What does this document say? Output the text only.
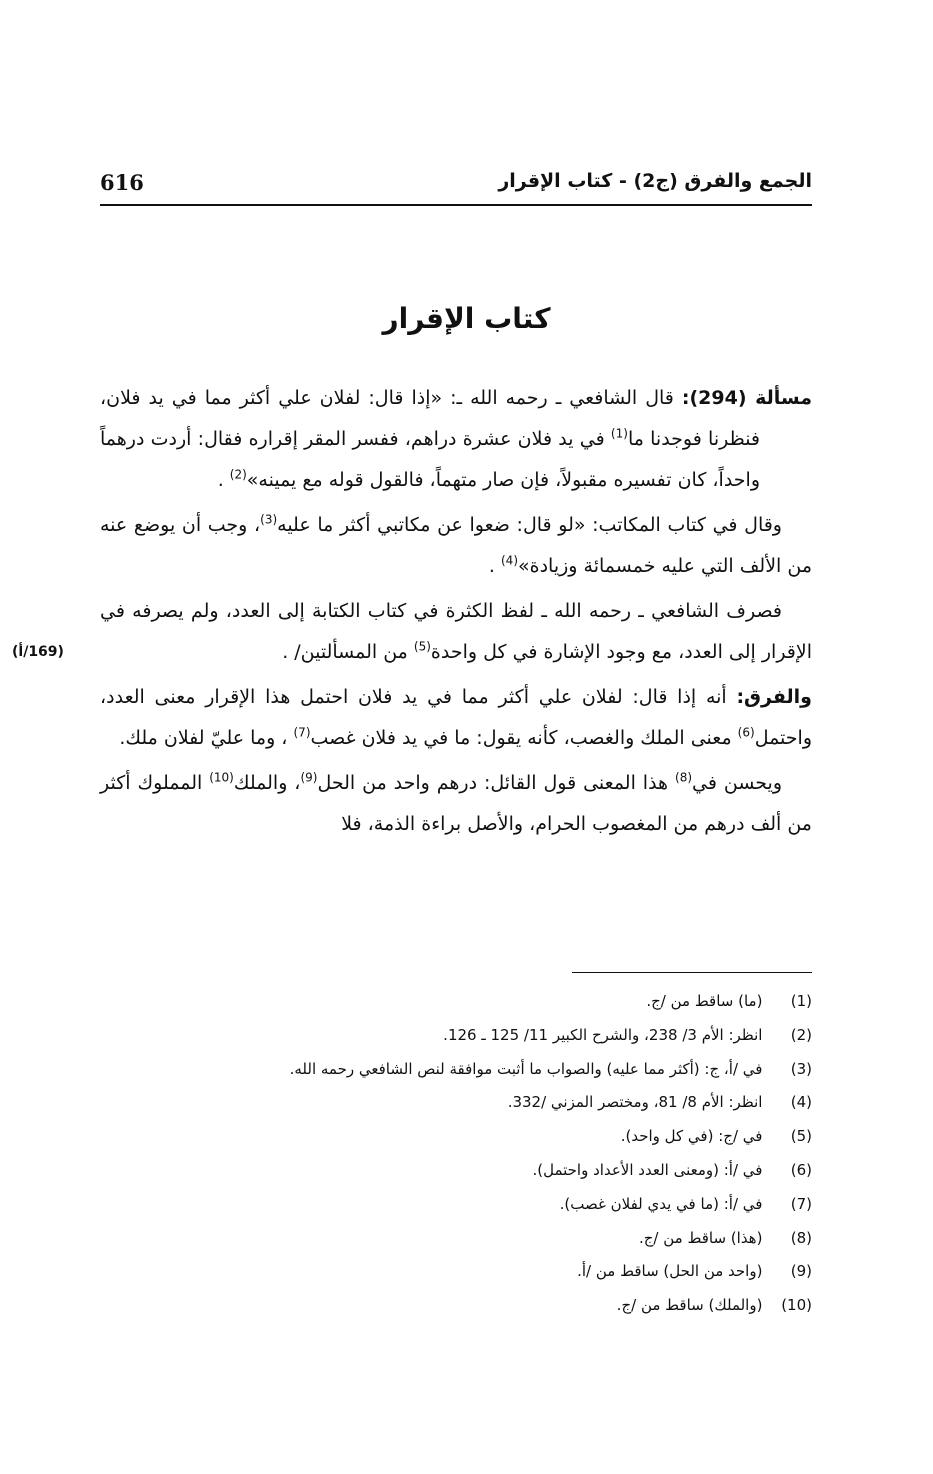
616	الجمع والفرق (ج2) - كتاب الإقرار
كتاب الإقرار

مسألة (294): قال الشافعي ـ رحمه الله ـ: «إذا قال: لفلان علي أكثر مما في يد فلان، فنظرنا فوجدنا ما$^{(1)}$ في يد فلان عشرة دراهم، ففسر المقر إقراره فقال: أردت درهماً واحداً، كان تفسيره مقبولاً، فإن صار متهماً، فالقول قوله مع يمينه»$^{(2)}$ .

وقال في كتاب المكاتب: «لو قال: ضعوا عن مكاتبي أكثر ما عليه$^{(3)}$، وجب أن يوضع عنه من الألف التي عليه خمسمائة وزيادة»$^{(4)}$ .

(169/أ)
فصرف الشافعي ـ رحمه الله ـ لفظ الكثرة في كتاب الكتابة إلى العدد، ولم يصرفه في الإقرار إلى العدد، مع وجود الإشارة في كل واحدة$^{(5)}$ من المسألتين/ .

والفرق: أنه إذا قال: لفلان علي أكثر مما في يد فلان احتمل هذا الإقرار معنى العدد، واحتمل$^{(6)}$ معنى الملك والغصب، كأنه يقول: ما في يد فلان غصب$^{(7)}$ ، وما عليّ لفلان ملك.

ويحسن في$^{(8)}$ هذا المعنى قول القائل: درهم واحد من الحل$^{(9)}$، والملك$^{(10)}$ المملوك أكثر من ألف درهم من المغصوب الحرام، والأصل براءة الذمة، فلا

(1)  (ما) ساقط من /ج.
(2)  انظر: الأم 3/ 238، والشرح الكبير 11/ 125 ـ 126.
(3)  في /أ، ج: (أكثر مما عليه) والصواب ما أثبت موافقة لنص الشافعي رحمه الله.
(4)  انظر: الأم 8/ 81، ومختصر المزني /332.
(5)  في /ج: (في كل واحد).
(6)  في /أ: (ومعنى العدد الأعداد واحتمل).
(7)  في /أ: (ما في يدي لفلان غصب).
(8)  (هذا) ساقط من /ج.
(9)  (واحد من الحل) ساقط من /أ.
(10)  (والملك) ساقط من /ج.
